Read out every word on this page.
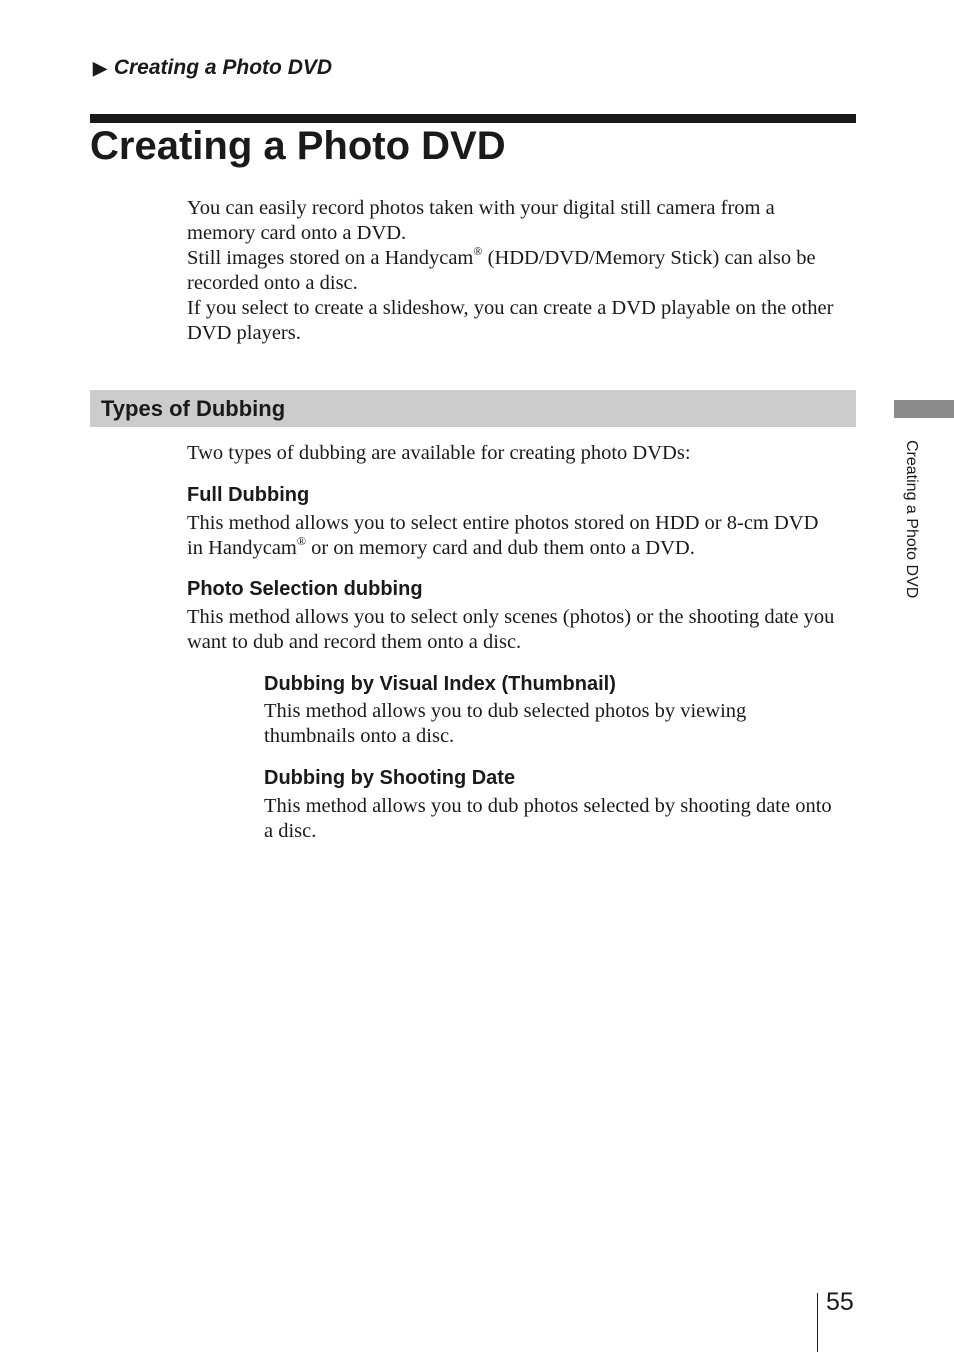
▶ Creating a Photo DVD
Creating a Photo DVD
You can easily record photos taken with your digital still camera from a
memory card onto a DVD.
Still images stored on a Handycam® (HDD/DVD/Memory Stick) can also be
recorded onto a disc.
If you select to create a slideshow, you can create a DVD playable on the other
DVD players.
Types of Dubbing

Two types of dubbing are available for creating photo DVDs:

Full Dubbing
This method allows you to select entire photos stored on HDD or 8-cm DVD
in Handycam® or on memory card and dub them onto a DVD.
Photo Selection dubbing
This method allows you to select only scenes (photos) or the shooting date you
want to dub and record them onto a disc.
Dubbing by Visual Index (Thumbnail)
This method allows you to dub selected photos by viewing
thumbnails onto a disc.
Dubbing by Shooting Date
This method allows you to dub photos selected by shooting date onto
a disc.
Creating a Photo DVD
55
